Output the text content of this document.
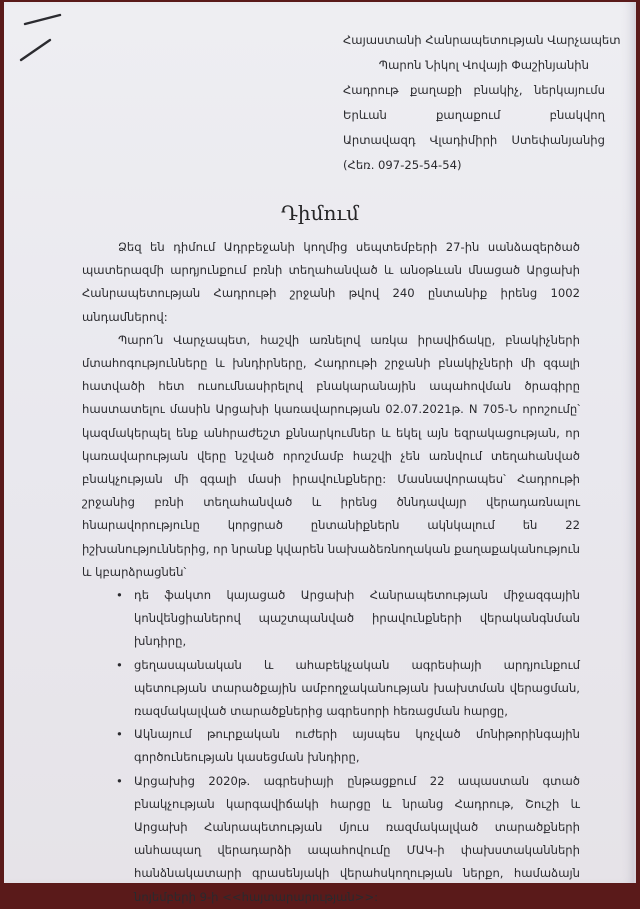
Հայաստանի Հանրապետության Վարչապետ
Պարոն Նիկոլ Վովայի Փաշինյանին
Հադրութ քաղաքի բնակիչ, ներկայումս
Երևան քաղաքում բնակվող
Արտավազդ Վլադիմիրի Ստեփանյանից
(Հեռ. 097-25-54-54)
Դիմում

Ձեզ են դիմում Ադրբեջանի կողմից սեպտեմբերի 27-ին սանձազերծած պատերազմի արդյունքում բռնի տեղահանված և անօթևան մնացած Արցախի Հանրապետության Հադրութի շրջանի թվով 240 ընտանիք իրենց 1002 անդամներով:

Պարո՛ն Վարչապետ, հաշվի առնելով առկա իրավիճակը, բնակիչների մտահոգությունները և խնդիրները, Հադրութի շրջանի բնակիչների մի զգալի հատվածի հետ ուսումնասիրելով բնակարանային ապահովման ծրագիրը հաստատելու մասին Արցախի կառավարության 02.07.2021թ. N 705-Ն որոշումը՝ կազմակերպել ենք անհրաժեշտ քննարկումներ և եկել այն եզրակացության, որ կառավարության վերը նշված որոշմամբ հաշվի չեն առնվում տեղահանված բնակչության մի զգալի մասի իրավունքները: Մասնավորապես՝ Հադրութի շրջանից բռնի տեղահանված և իրենց ծննդավայր վերադառնալու հնարավորությունը կորցրած ընտանիքներն ակնկալում են 22 իշխանություններից, որ նրանք կվարեն նախաձեռնողական քաղաքականություն և կբարձրացնեն՝

• դե ֆակտո կայացած Արցախի Հանրապետության միջազգային կոնվենցիաներով պաշտպանված իրավունքների վերականգնման խնդիրը,
• ցեղասպանական և ահաբեկչական ագրեսիայի արդյունքում պետության տարածքային ամբողջականության խախտման վերացման, ռազմակալված տարածքներից ագրեսորի հեռացման հարցը,
• Ակնայում թուրքական ուժերի այսպես կոչված մոնիթորինգային գործունեության կասեցման խնդիրը,
• Արցախից 2020թ. ագրեսիայի ընթացքում 22 ապաստան գտած բնակչության կարգավիճակի հարցը և նրանց Հադրութ, Շուշի և Արցախի Հանրապետության մյուս ռազմակալված տարածքների անհապաղ վերադարձի ապահովումը ՄԱԿ-ի փախստականների հանձնակատարի գրասենյակի վերահսկողության ներքո, համաձայն նոյեմբերի 9-ի <<հայտարարության>>:
